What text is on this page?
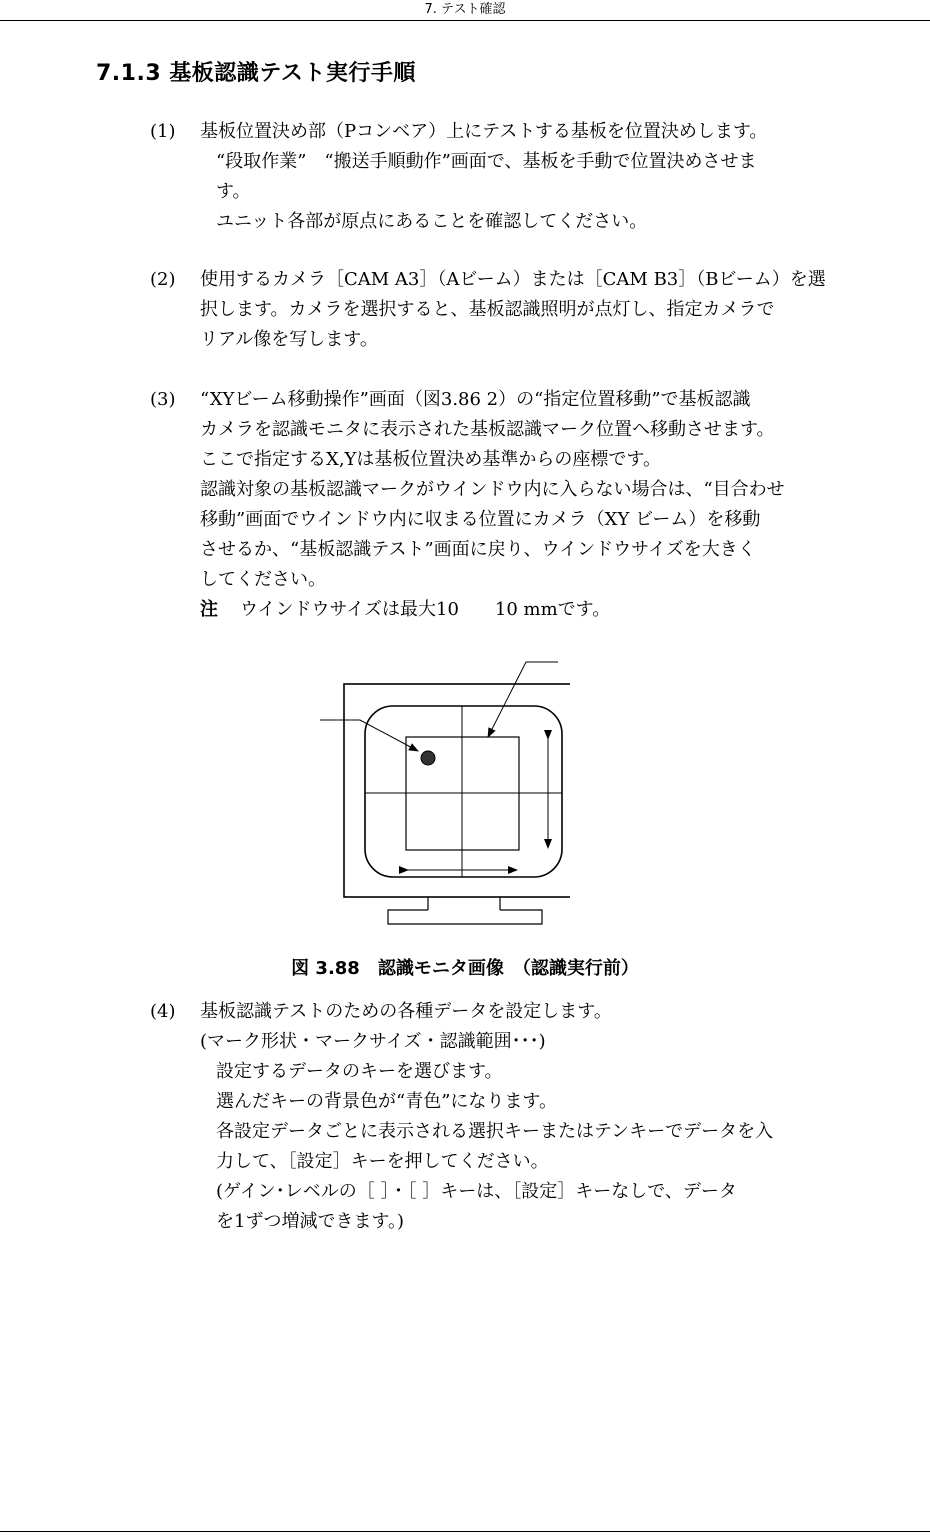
7. テスト確認
7.1.3 基板認識テスト実行手順
(1)	基板位置決め部（Pコンベア）上にテストする基板を位置決めします。
“段取作業”　“搬送手順動作”画面で、基板を手動で位置決めさせま
す。
ユニット各部が原点にあることを確認してください。
(2)	使用するカメラ［CAM A3］（Aビーム）または［CAM B3］（Bビーム）を選
択します。カメラを選択すると、基板認識照明が点灯し、指定カメラで
リアル像を写します。
(3)	“XYビーム移動操作”画面（図3.86 2）の“指定位置移動”で基板認識
カメラを認識モニタに表示された基板認識マーク位置へ移動させます。
ここで指定するX,Yは基板位置決め基準からの座標です。
認識対象の基板認識マークがウインドウ内に入らない場合は、“目合わせ
移動”画面でウインドウ内に収まる位置にカメラ（XY ビーム）を移動
させるか、“基板認識テスト”画面に戻り、ウインドウサイズを大きく
してください。
注 ウインドウサイズは最大10　　10 mmです。
図 3.88　認識モニタ画像　（認識実行前）
(4)	基板認識テストのための各種データを設定します。
(マーク形状・マークサイズ・認識範囲･･･)
設定するデータのキーを選びます。
選んだキーの背景色が“青色”になります。
各設定データごとに表示される選択キーまたはテンキーでデータを入
力して、［設定］キーを押してください。
(ゲイン･レベルの［ ］・［ ］キーは、［設定］キーなしで、データ
を1ずつ増減できます。)
